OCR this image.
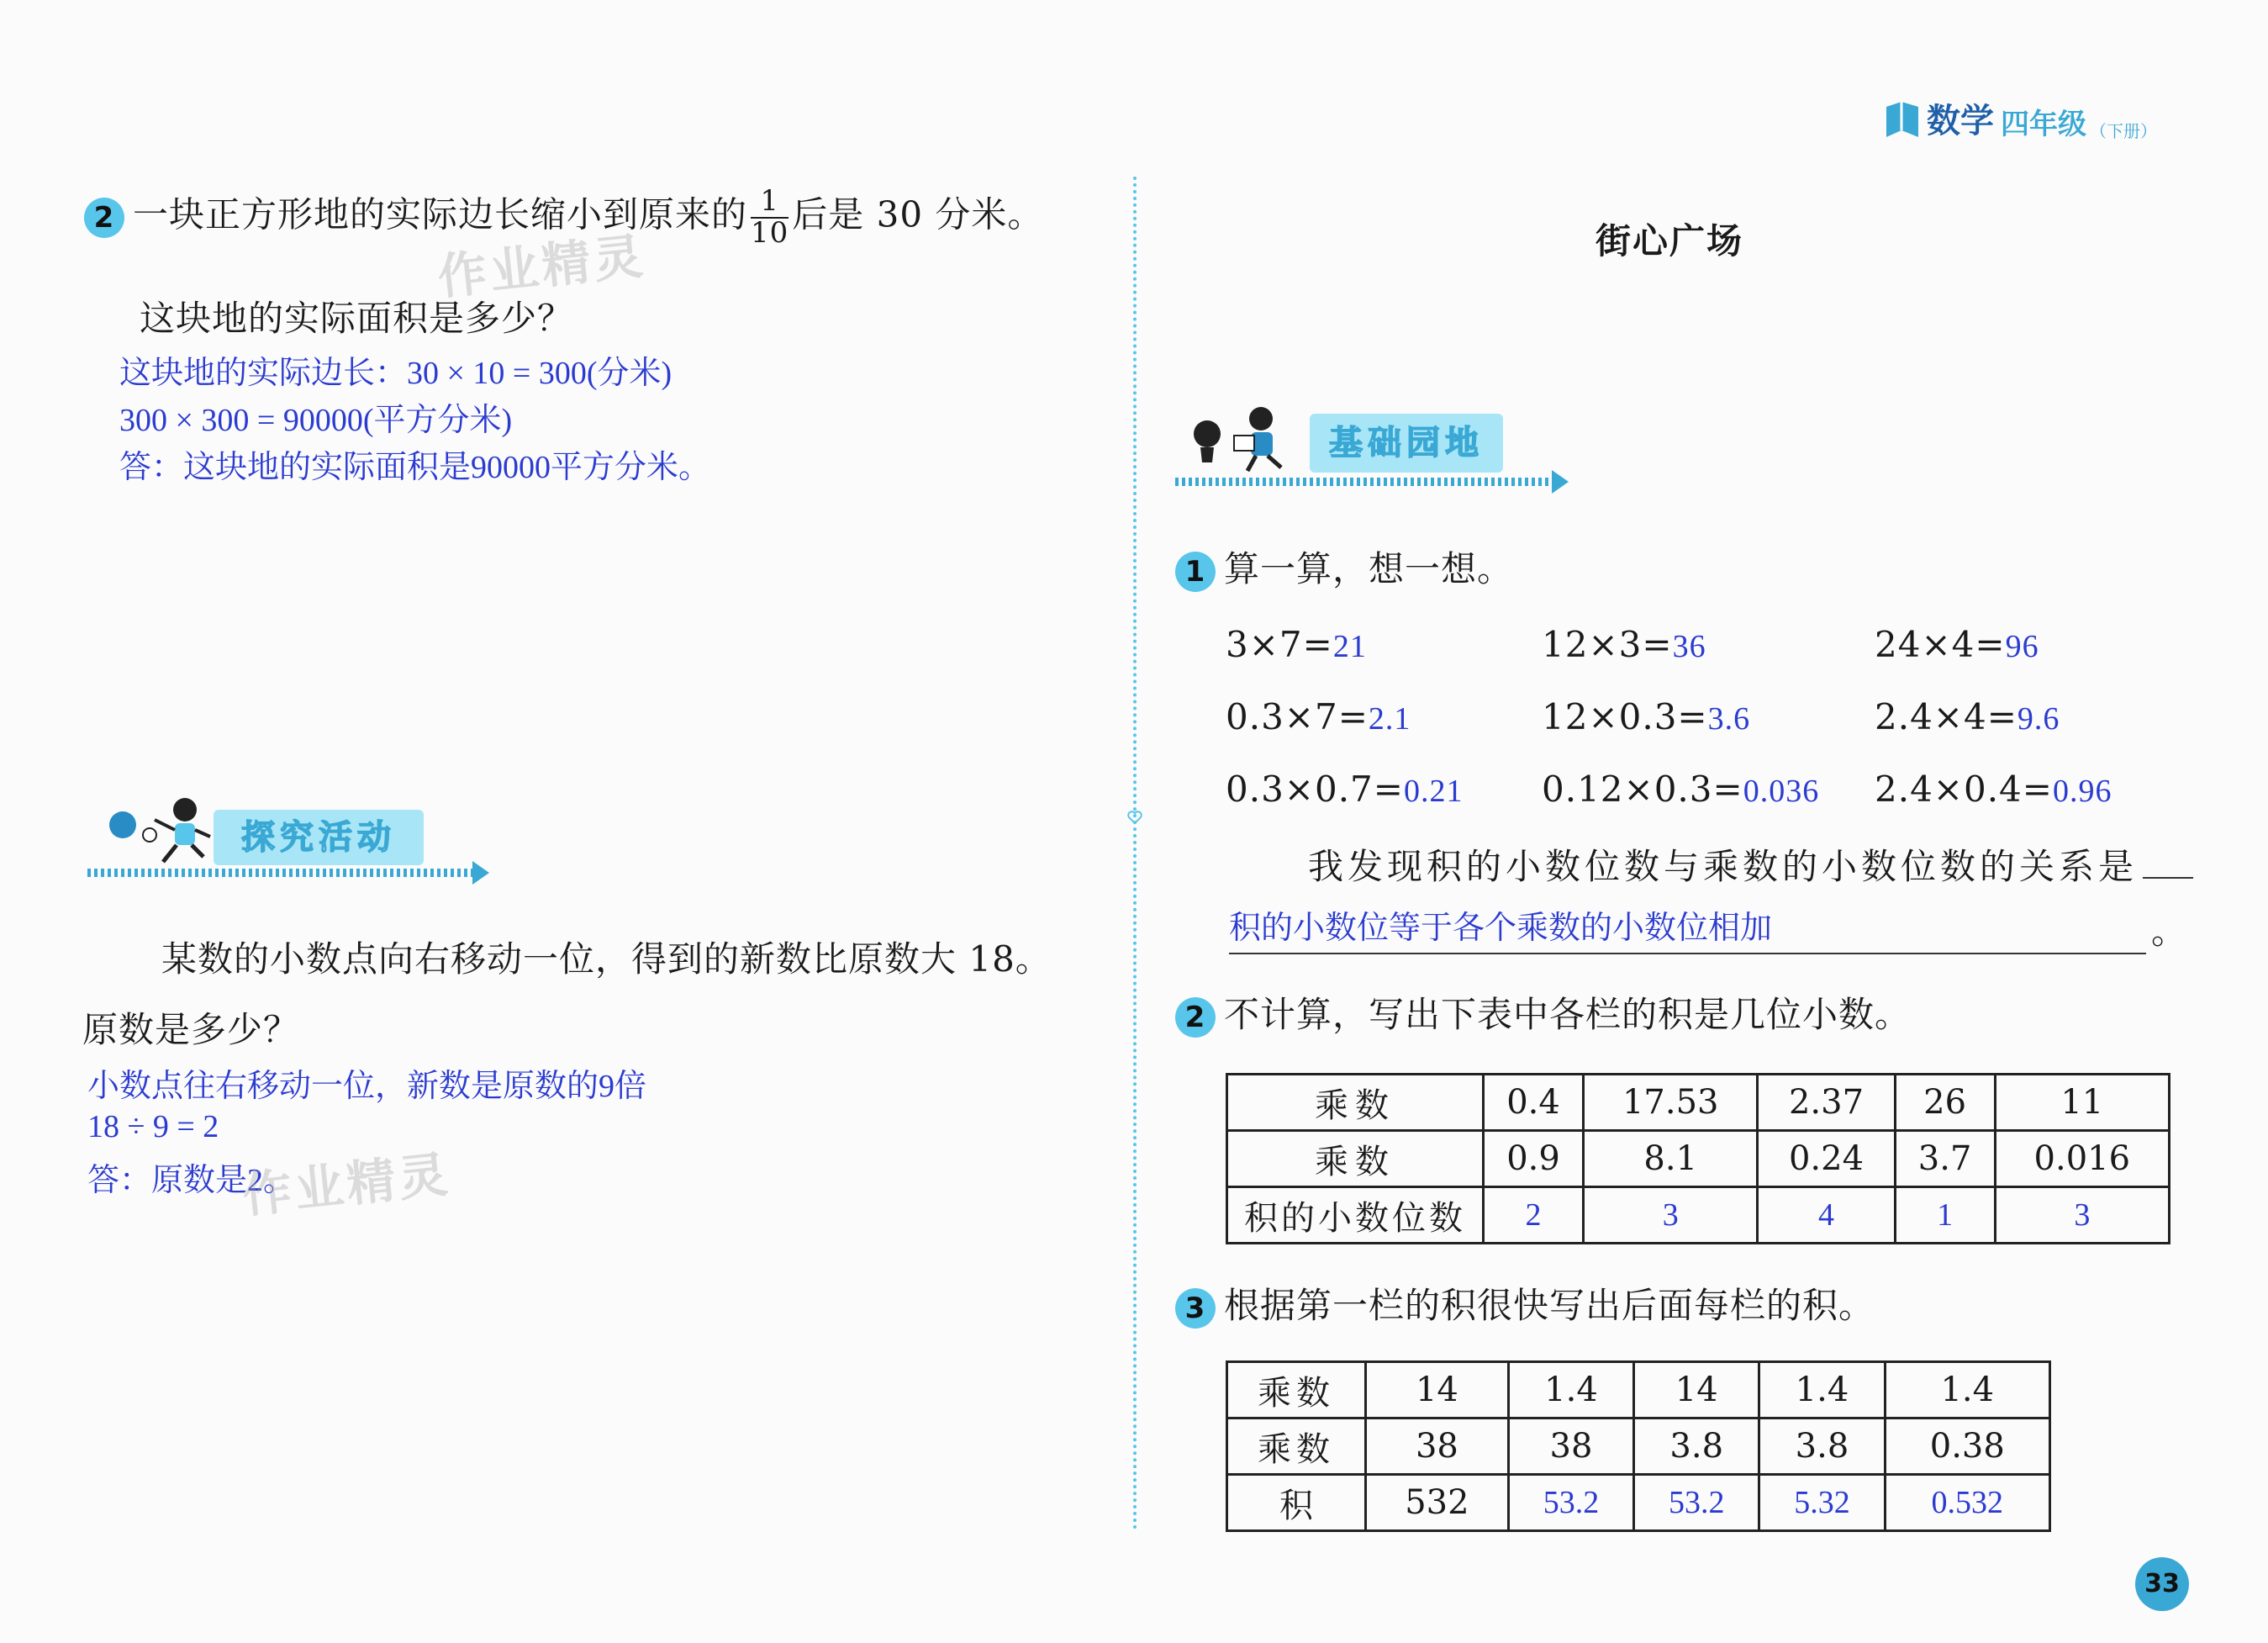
数学 四年级 （下册）
2 一块正方形地的实际边长缩小到原来的 $\frac{1}{10}$ 后是 30 分米。
这块地的实际面积是多少？
这块地的实际边长：30 × 10 = 300(分米)
300 × 300 = 90000(平方分米)
答：这块地的实际面积是90000平方分米。
作业精灵
探究活动
某数的小数点向右移动一位，得到的新数比原数大 18。
原数是多少？
小数点往右移动一位，新数是原数的9倍
18 ÷ 9 = 2
答：原数是2。
作业精灵
街心广场
基础园地
1 算一算，想一想。
3×7=21	12×3=36	24×4=96
0.3×7=2.1	12×0.3=3.6	2.4×4=9.6
0.3×0.7=0.21 0.12×0.3=0.036 2.4×0.4=0.96
我发现积的小数位数与乘数的小数位数的关系是
积的小数位等于各个乘数的小数位相加	。
2 不计算，写出下表中各栏的积是几位小数。
乘数	0.4	17.53	2.37	26	11
乘数	0.9	8.1	0.24	3.7	0.016
积的小数位数	2	3	4	1	3
3 根据第一栏的积很快写出后面每栏的积。
乘数	14	1.4	14	1.4	1.4
乘数	38	38	3.8	3.8	0.38
积	532	53.2	53.2	5.32	0.532
33
